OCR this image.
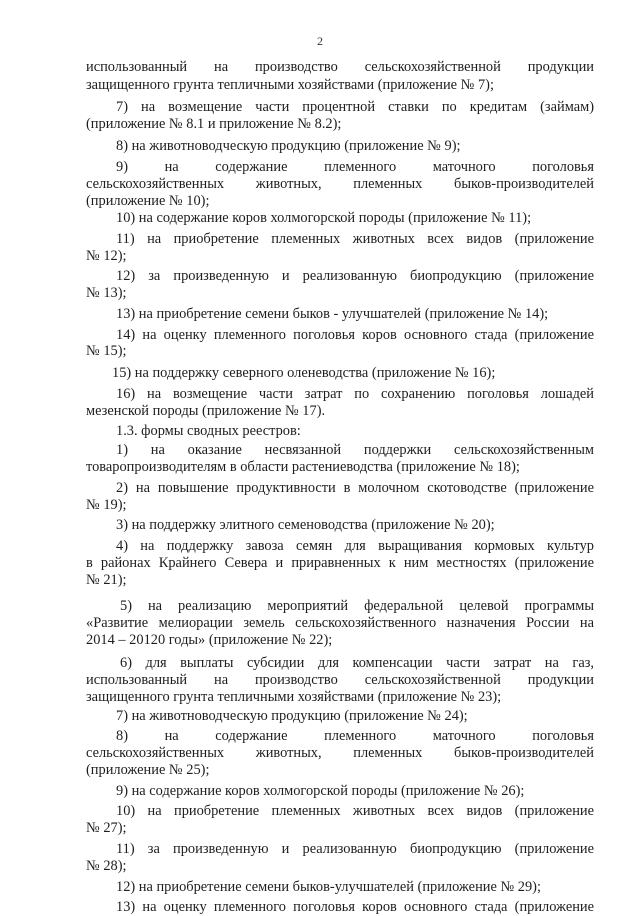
2
использованный на производство сельскохозяйственной продукции
защищенного грунта тепличными хозяйствами (приложение № 7);
7) на возмещение части процентной ставки по кредитам (займам)
(приложение № 8.1 и приложение № 8.2);
8) на животноводческую продукцию (приложение № 9);
9) на содержание племенного маточного поголовья
сельскохозяйственных животных, племенных быков-производителей
(приложение № 10);
10) на содержание коров холмогорской породы (приложение № 11);
11) на приобретение племенных животных всех видов (приложение
№ 12);
12) за произведенную и реализованную биопродукцию (приложение
№ 13);
13) на приобретение семени быков - улучшателей (приложение № 14);
14) на оценку племенного поголовья коров основного стада (приложение
№ 15);
15) на поддержку северного оленеводства (приложение № 16);
16) на возмещение части затрат по сохранению поголовья лошадей
мезенской породы (приложение № 17).
1.3. формы сводных реестров:
1) на оказание несвязанной поддержки сельскохозяйственным
товаропроизводителям в области растениеводства (приложение № 18);
2) на повышение продуктивности в молочном скотоводстве (приложение
№ 19);
3) на поддержку элитного семеноводства (приложение № 20);
4) на поддержку завоза семян для выращивания кормовых культур
в районах Крайнего Севера и приравненных к ним местностях (приложение
№ 21);
5) на реализацию мероприятий федеральной целевой программы
«Развитие мелиорации земель сельскохозяйственного назначения России на
2014 – 20120 годы» (приложение № 22);
6) для выплаты субсидии для компенсации части затрат на газ,
использованный на производство сельскохозяйственной продукции
защищенного грунта тепличными хозяйствами (приложение № 23);
7) на животноводческую продукцию (приложение № 24);
8) на содержание племенного маточного поголовья
сельскохозяйственных животных, племенных быков-производителей
(приложение № 25);
9) на содержание коров холмогорской породы (приложение № 26);
10) на приобретение племенных животных всех видов (приложение
№ 27);
11) за произведенную и реализованную биопродукцию (приложение
№ 28);
12) на приобретение семени быков-улучшателей (приложение № 29);
13) на оценку племенного поголовья коров основного стада (приложение
